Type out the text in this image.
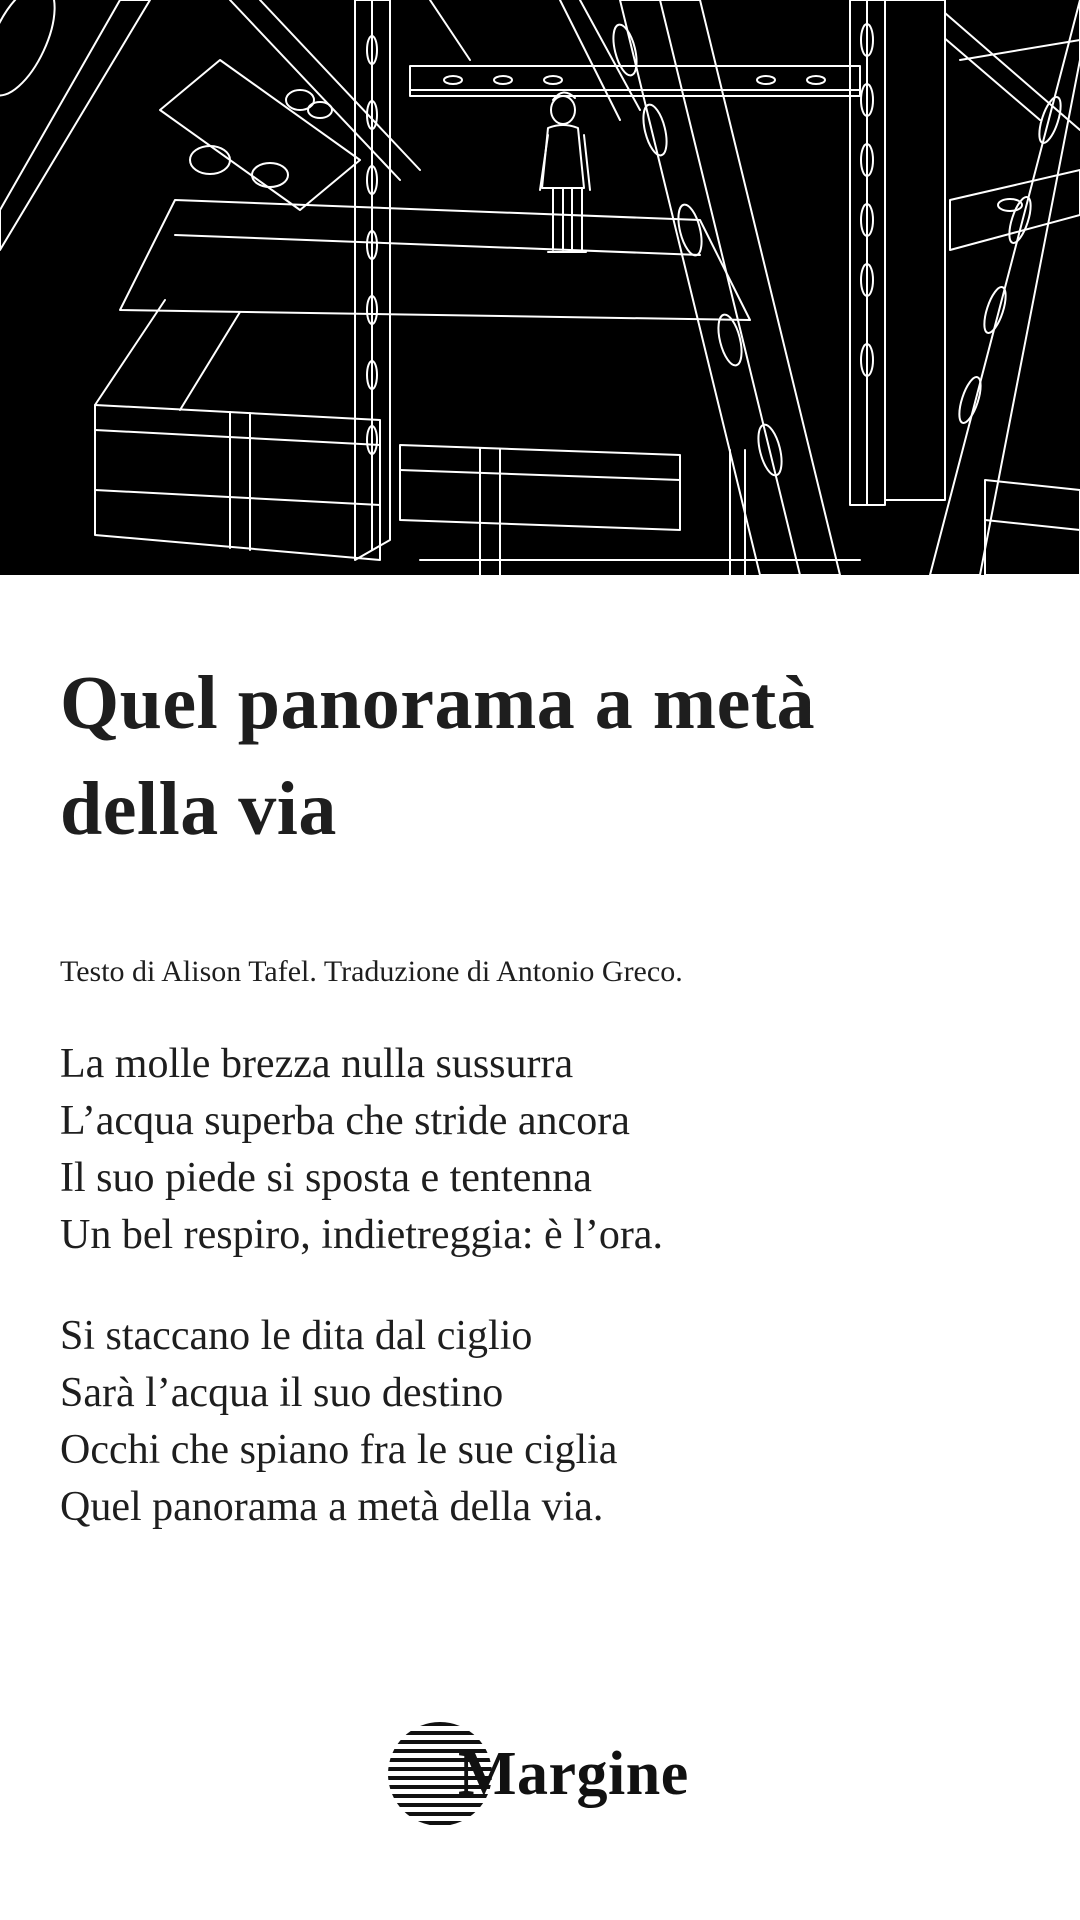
Quel panorama a metà
della via
Testo di Alison Tafel. Traduzione di Antonio Greco.
La molle brezza nulla sussurra
L’acqua superba che stride ancora
Il suo piede si sposta e tentenna
Un bel respiro, indietreggia: è l’ora.
Si staccano le dita dal ciglio
Sarà l’acqua il suo destino
Occhi che spiano fra le sue ciglia
Quel panorama a metà della via.
Margine
